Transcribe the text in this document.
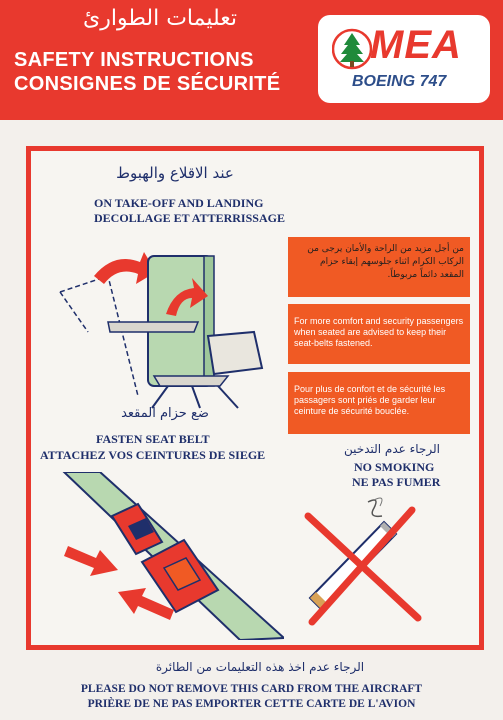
تعليمات الطوارئ
SAFETY INSTRUCTIONS
CONSIGNES DE SÉCURITÉ
MEA
BOEING 747
عند الاقلاع والهبوط
ON TAKE-OFF AND LANDING
DECOLLAGE ET ATTERRISSAGE
من أجل مزيد من الراحة والأمان يرجى من الركاب الكرام اثناء جلوسهم إبقاء حزام المقعد دائماً مربوطاً.
For more comfort and security passengers when seated are advised to keep their seat-belts fastened.
Pour plus de confort et de sécurité les passagers sont priés de garder leur ceinture de sécurité bouclée.
ضع حزام المقعد
FASTEN SEAT BELT
ATTACHEZ VOS CEINTURES DE SIEGE	الرجاء عدم التدخين
NO SMOKING
NE PAS FUMER
الرجاء عدم اخذ هذه التعليمات من الطائرة
PLEASE DO NOT REMOVE THIS CARD FROM THE AIRCRAFT
PRIÈRE DE NE PAS EMPORTER CETTE CARTE DE L'AVION
